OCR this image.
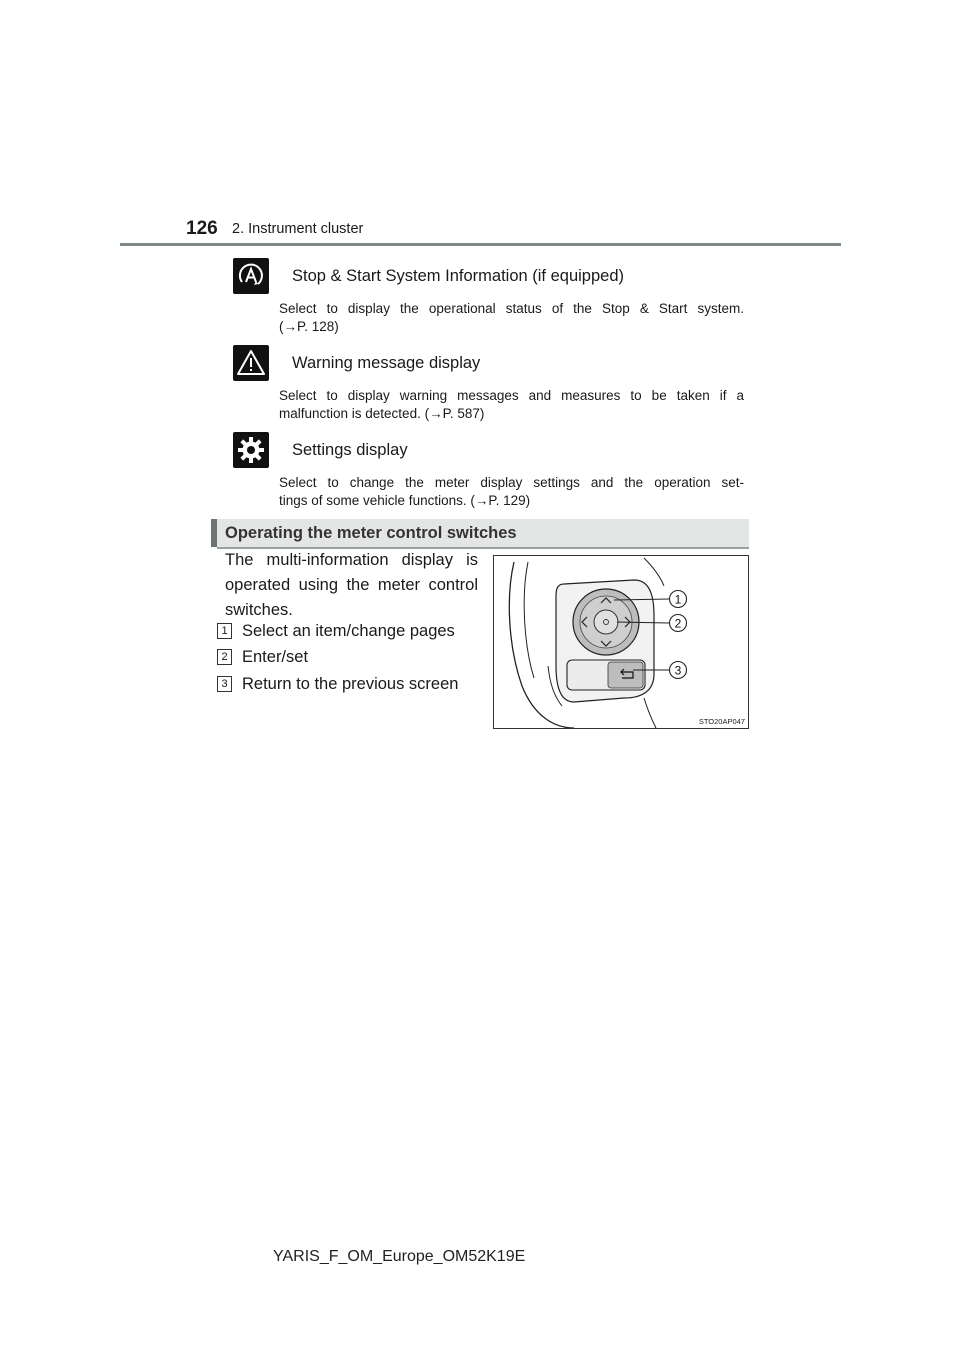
126 2. Instrument cluster
Stop & Start System Information (if equipped)
Select to display the operational status of the Stop & Start system.
(→P. 128)
Warning message display
Select to display warning messages and measures to be taken if a
malfunction is detected. (→P. 587)
Settings display
Select to change the meter display settings and the operation set-
tings of some vehicle functions. (→P. 129)
Operating the meter control switches
The multi-information display is
operated using the meter control
switches.
1 Select an item/change pages
2 Enter/set
3 Return to the previous screen
1
2
3
STO20AP047
YARIS_F_OM_Europe_OM52K19E
